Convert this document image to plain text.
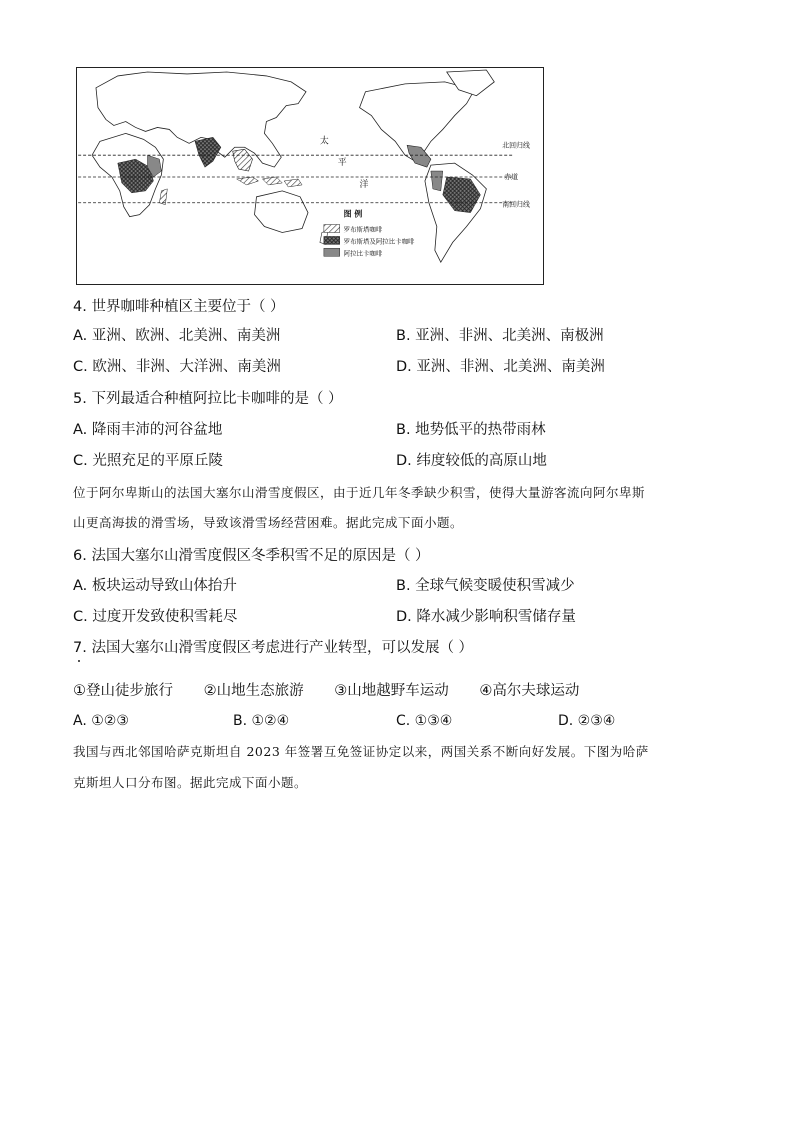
北回归线
赤道
南回归线
太
平
洋
图 例
罗布斯塔咖啡
罗布斯塔及阿拉比卡咖啡
阿拉比卡咖啡
4. 世界咖啡种植区主要位于（ ）
A. 亚洲、欧洲、北美洲、南美洲	B. 亚洲、非洲、北美洲、南极洲
C. 欧洲、非洲、大洋洲、南美洲	D. 亚洲、非洲、北美洲、南美洲
5. 下列最适合种植阿拉比卡咖啡的是（ ）
A. 降雨丰沛的河谷盆地	B. 地势低平的热带雨林
C. 光照充足的平原丘陵	D. 纬度较低的高原山地
位于阿尔卑斯山的法国大塞尔山滑雪度假区，由于近几年冬季缺少积雪，使得大量游客流向阿尔卑斯
山更高海拔的滑雪场，导致该滑雪场经营困难。据此完成下面小题。
6. 法国大塞尔山滑雪度假区冬季积雪不足的原因是（ ）
A. 板块运动导致山体抬升	B. 全球气候变暖使积雪减少
C. 过度开发致使积雪耗尽	D. 降水减少影响积雪储存量
7. 法国大塞尔山滑雪度假区考虑进行产业转型，可以发展（ ）
①登山徒步旅行 ②山地生态旅游 ③山地越野车运动 ④高尔夫球运动
A. ①②③	B. ①②④	C. ①③④	D. ②③④
我国与西北邻国哈萨克斯坦自 2023 年签署互免签证协定以来，两国关系不断向好发展。下图为哈萨
克斯坦人口分布图。据此完成下面小题。
